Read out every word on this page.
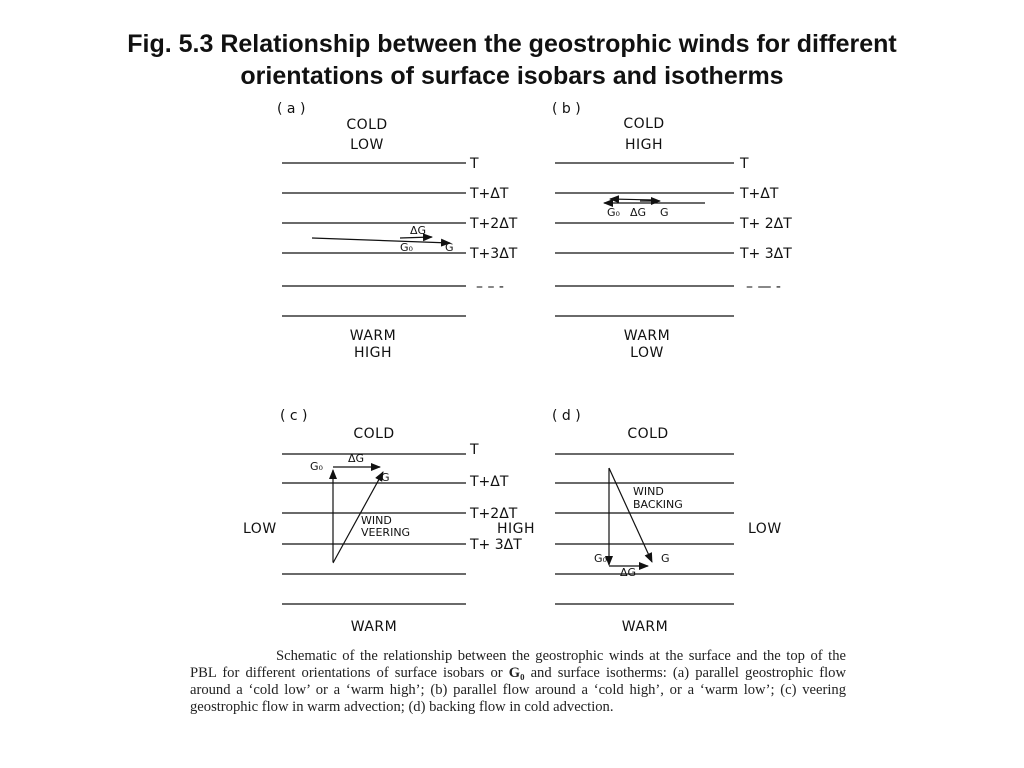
Fig. 5.3 Relationship between the geostrophic winds for different
orientations of surface isobars and isotherms
( a )
COLD
LOW
T
T+ΔT
T+2ΔT
T+3ΔT
– – -
ΔG
G₀	G
WARM
HIGH
( b )
COLD
HIGH
T
T+ΔT
T+ 2ΔT
T+ 3ΔT
– — -
G₀ ΔG G
WARM
LOW
( c )
COLD
T
T+ΔT
T+2ΔT
T+ 3ΔT
LOW	HIGH
G₀
ΔG
G
WIND
VEERING
WARM
( d )
COLD
LOW
WIND
BACKING
G₀	G
ΔG
WARM
Schematic of the relationship between the geostrophic winds at the surface and the top of the PBL for different orientations of surface isobars or G₀ and surface isotherms: (a) parallel geostrophic flow around a ‘cold low’ or a ‘warm high’; (b) parallel flow around a ‘cold high’, or a ‘warm low’; (c) veering geostrophic flow in warm advection; (d) backing flow in cold advection.
